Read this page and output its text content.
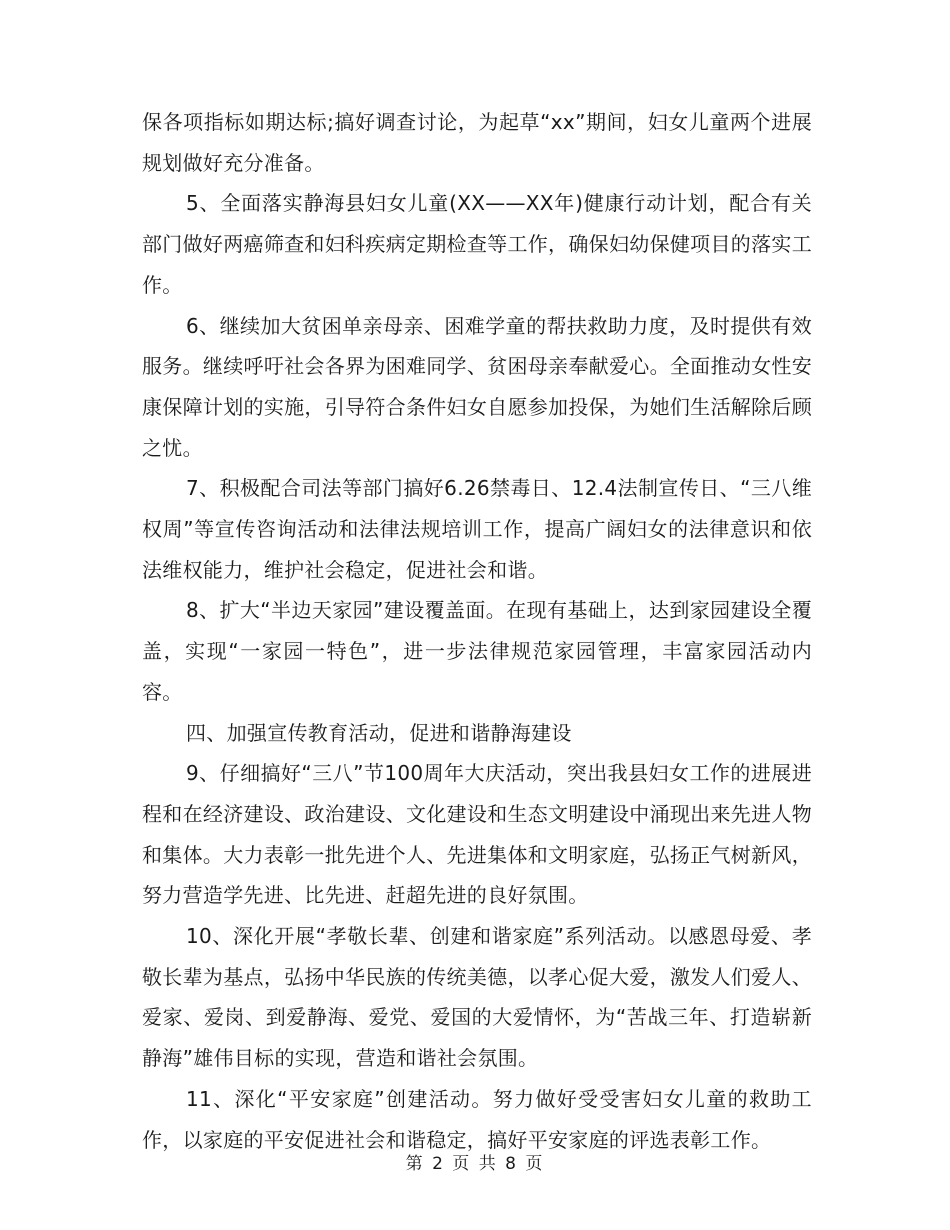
保各项指标如期达标;搞好调查讨论，为起草“xx”期间，妇女儿童两个进展规划做好充分准备。

5、全面落实静海县妇女儿童(XX——XX年)健康行动计划，配合有关部门做好两癌筛查和妇科疾病定期检查等工作，确保妇幼保健项目的落实工作。

6、继续加大贫困单亲母亲、困难学童的帮扶救助力度，及时提供有效服务。继续呼吁社会各界为困难同学、贫困母亲奉献爱心。全面推动女性安康保障计划的实施，引导符合条件妇女自愿参加投保，为她们生活解除后顾之忧。

7、积极配合司法等部门搞好6.26禁毒日、12.4法制宣传日、“三八维权周”等宣传咨询活动和法律法规培训工作，提高广阔妇女的法律意识和依法维权能力，维护社会稳定，促进社会和谐。

8、扩大“半边天家园”建设覆盖面。在现有基础上，达到家园建设全覆盖，实现“一家园一特色”，进一步法律规范家园管理，丰富家园活动内容。

四、加强宣传教育活动，促进和谐静海建设

9、仔细搞好“三八”节100周年大庆活动，突出我县妇女工作的进展进程和在经济建设、政治建设、文化建设和生态文明建设中涌现出来先进人物和集体。大力表彰一批先进个人、先进集体和文明家庭，弘扬正气树新风，努力营造学先进、比先进、赶超先进的良好氛围。

10、深化开展“孝敬长辈、创建和谐家庭”系列活动。以感恩母爱、孝敬长辈为基点，弘扬中华民族的传统美德，以孝心促大爱，激发人们爱人、爱家、爱岗、到爱静海、爱党、爱国的大爱情怀，为“苦战三年、打造崭新静海”雄伟目标的实现，营造和谐社会氛围。

11、深化“平安家庭”创建活动。努力做好受受害妇女儿童的救助工作，以家庭的平安促进社会和谐稳定，搞好平安家庭的评选表彰工作。

第 2 页 共 8 页
